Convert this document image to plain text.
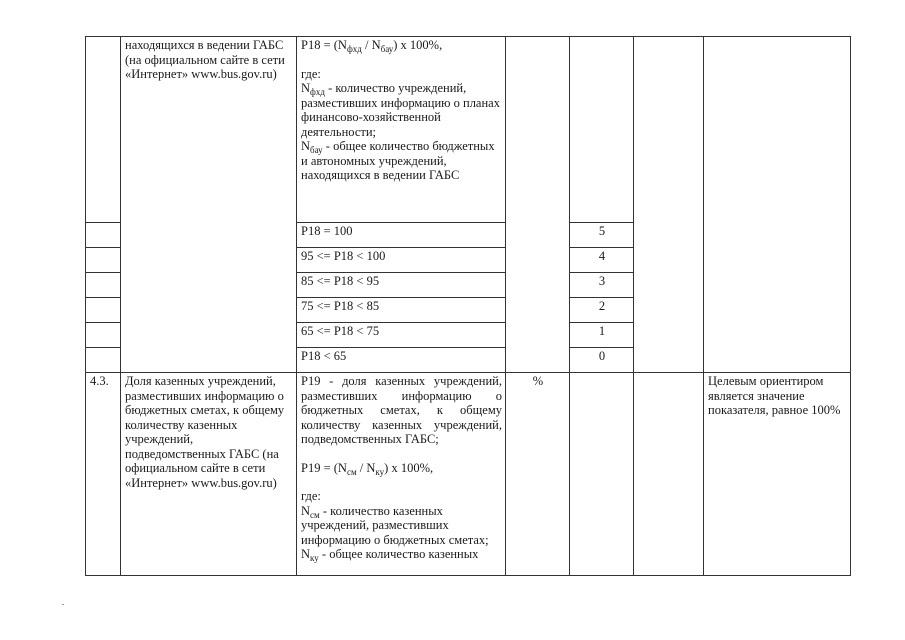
	находящихся в ведении ГАБС (на официальном сайте в сети «Интернет» www.bus.gov.ru)	$P18 = (N_{фхд} / N_{бау})$ x 100%,
где:
$N_{фхд}$ - количество учреждений, разместивших информацию о планах финансово-хозяйственной деятельности;
$N_{бау}$ - общее количество бюджетных и автономных учреждений, находящихся в ведении ГАБС				

		P18 = 100		5		
		95 <= P18 < 100		4		
		85 <= P18 < 95		3		
		75 <= P18 < 85		2		
		65 <= P18 < 75		1		
		P18 < 65		0		
4.3.	Доля казенных учреждений, разместивших информацию о бюджетных сметах, к общему количеству казенных учреждений, подведомственных ГАБС (на официальном сайте в сети «Интернет» www.bus.gov.ru)	P19 - доля казенных учреждений, разместивших информацию о бюджетных сметах, к общему количеству казенных учреждений, подведомственных ГАБС;
$P19 = (N_{см} / N_{ку})$ x 100%,
где:
$N_{см}$ - количество казенных учреждений, разместивших информацию о бюджетных сметах;
$N_{ку}$ - общее количество казенных	%			Целевым ориентиром является значение показателя, равное 100%
